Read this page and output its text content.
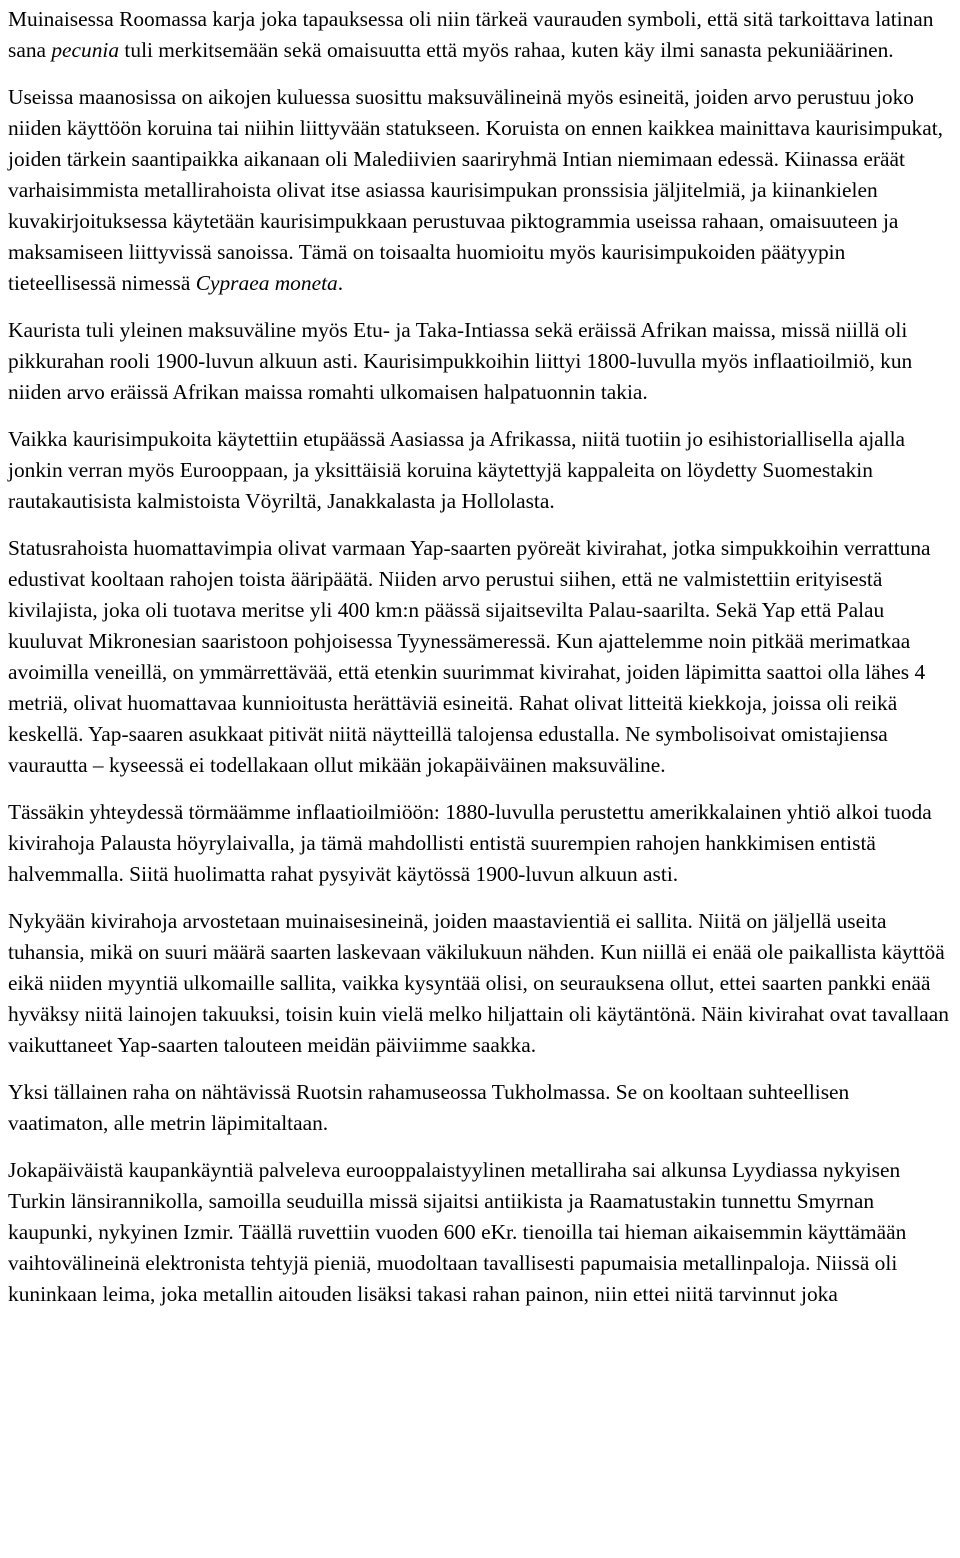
Muinaisessa Roomassa karja joka tapauksessa oli niin tärkeä vaurauden symboli, että sitä tarkoittava latinan sana pecunia tuli merkitsemään sekä omaisuutta että myös rahaa, kuten käy ilmi sanasta pekuniäärinen.

Useissa maanosissa on aikojen kuluessa suosittu maksuvälineinä myös esineitä, joiden arvo perustuu joko niiden käyttöön koruina tai niihin liittyvään statukseen. Koruista on ennen kaikkea mainittava kaurisimpukat, joiden tärkein saantipaikka aikanaan oli Malediivien saariryhmä Intian niemimaan edessä. Kiinassa eräät varhaisimmista metallirahoista olivat itse asiassa kaurisimpukan pronssisia jäljitelmiä, ja kiinankielen kuvakirjoituksessa käytetään kaurisimpukkaan perustuvaa piktogrammia useissa rahaan, omaisuuteen ja maksamiseen liittyvissä sanoissa. Tämä on toisaalta huomioitu myös kaurisimpukoiden päätyypin tieteellisessä nimessä Cypraea moneta.

Kaurista tuli yleinen maksuväline myös Etu- ja Taka-Intiassa sekä eräissä Afrikan maissa, missä niillä oli pikkurahan rooli 1900-luvun alkuun asti. Kaurisimpukkoihin liittyi 1800-luvulla myös inflaatioilmiö, kun niiden arvo eräissä Afrikan maissa romahti ulkomaisen halpatuonnin takia.

Vaikka kaurisimpukoita käytettiin etupäässä Aasiassa ja Afrikassa, niitä tuotiin jo esihistoriallisella ajalla jonkin verran myös Eurooppaan, ja yksittäisiä koruina käytettyjä kappaleita on löydetty Suomestakin rautakautisista kalmistoista Vöyriltä, Janakkalasta ja Hollolasta.

Statusrahoista huomattavimpia olivat varmaan Yap-saarten pyöreät kivirahat, jotka simpukkoihin verrattuna edustivat kooltaan rahojen toista ääripäätä. Niiden arvo perustui siihen, että ne valmistettiin erityisestä kivilajista, joka oli tuotava meritse yli 400 km:n päässä sijaitsevilta Palau-saarilta. Sekä Yap että Palau kuuluvat Mikronesian saaristoon pohjoisessa Tyynessämeressä. Kun ajattelemme noin pitkää merimatkaa avoimilla veneillä, on ymmärrettävää, että etenkin suurimmat kivirahat, joiden läpimitta saattoi olla lähes 4 metriä, olivat huomattavaa kunnioitusta herättäviä esineitä. Rahat olivat litteitä kiekkoja, joissa oli reikä keskellä. Yap-saaren asukkaat pitivät niitä näytteillä talojensa edustalla. Ne symbolisoivat omistajiensa vaurautta – kyseessä ei todellakaan ollut mikään jokapäiväinen maksuväline.

Tässäkin yhteydessä törmäämme inflaatioilmiöön: 1880-luvulla perustettu amerikkalainen yhtiö alkoi tuoda kivirahoja Palausta höyrylaivalla, ja tämä mahdollisti entistä suurempien rahojen hankkimisen entistä halvemmalla. Siitä huolimatta rahat pysyivät käytössä 1900-luvun alkuun asti.

Nykyään kivirahoja arvostetaan muinaisesineinä, joiden maastavientiä ei sallita. Niitä on jäljellä useita tuhansia, mikä on suuri määrä saarten laskevaan väkilukuun nähden. Kun niillä ei enää ole paikallista käyttöä eikä niiden myyntiä ulkomaille sallita, vaikka kysyntää olisi, on seurauksena ollut, ettei saarten pankki enää hyväksy niitä lainojen takuuksi, toisin kuin vielä melko hiljattain oli käytäntönä. Näin kivirahat ovat tavallaan vaikuttaneet Yap-saarten talouteen meidän päiviimme saakka.

Yksi tällainen raha on nähtävissä Ruotsin rahamuseossa Tukholmassa. Se on kooltaan suhteellisen vaatimaton, alle metrin läpimitaltaan.

Jokapäiväistä kaupankäyntiä palveleva eurooppalaistyylinen metalliraha sai alkunsa Lyydiassa nykyisen Turkin länsirannikolla, samoilla seuduilla missä sijaitsi antiikista ja Raamatustakin tunnettu Smyrnan kaupunki, nykyinen Izmir. Täällä ruvettiin vuoden 600 eKr. tienoilla tai hieman aikaisemmin käyttämään vaihtovälineinä elektronista tehtyjä pieniä, muodoltaan tavallisesti papumaisia metallinpaloja. Niissä oli kuninkaan leima, joka metallin aitouden lisäksi takasi rahan painon, niin ettei niitä tarvinnut joka
